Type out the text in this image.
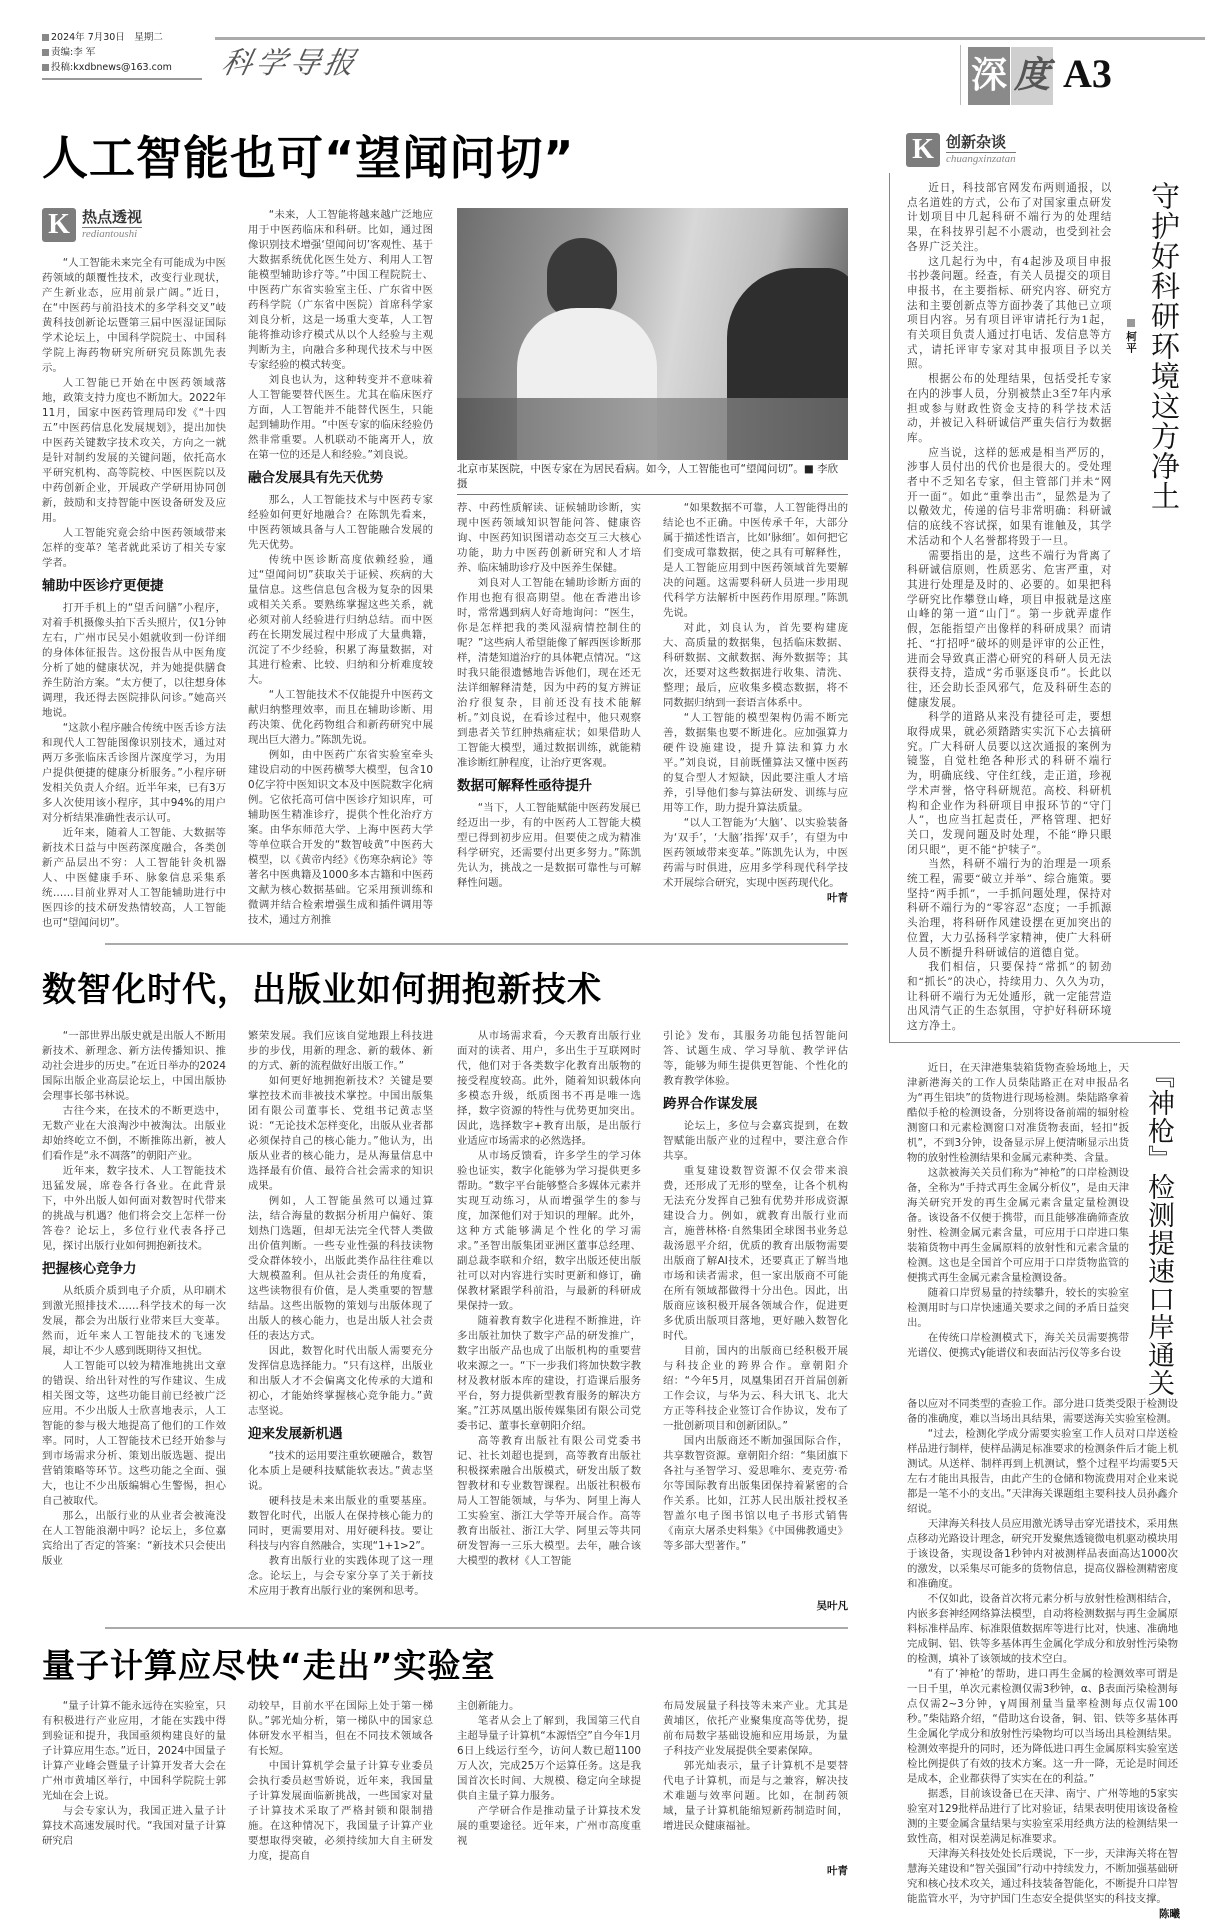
2024年 7月30日　星期二
责编:李 军
投稿:kxdbnews@163.com	科学导报	深 度 A3
人工智能也可“望闻问切”
K 热点透视
rediantoushi

“人工智能未来完全有可能成为中医药领域的颠覆性技术，改变行业现状，产生新业态，应用前景广阔。”近日，在“中医药与前沿技术的多学科交叉”岐黄科技创新论坛暨第三届中医湿证国际学术论坛上，中国科学院院士、中国科学院上海药物研究所研究员陈凯先表示。

人工智能已开始在中医药领域落地，政策支持力度也不断加大。2022年11月，国家中医药管理局印发《“十四五”中医药信息化发展规划》，提出加快中医药关键数字技术攻关，方向之一就是针对制约发展的关键问题，依托高水平研究机构、高等院校、中医医院以及中药创新企业，开展政产学研用协同创新，鼓励和支持智能中医设备研发及应用。

人工智能究竟会给中医药领域带来怎样的变革？笔者就此采访了相关专家学者。

辅助中医诊疗更便捷

打开手机上的“望舌问膳”小程序，对着手机摄像头拍下舌头照片，仅1分钟左右，广州市民吴小姐就收到一份详细的身体体征报告。这份报告从中医角度分析了她的健康状况，并为她提供膳食养生防治方案。“太方便了，以往想身体调理，我还得去医院排队问诊。”她高兴地说。

“这款小程序融合传统中医舌诊方法和现代人工智能图像识别技术，通过对两万多张临床舌诊图片深度学习，为用户提供便捷的健康分析服务。”小程序研发相关负责人介绍。近半年来，已有3万多人次使用该小程序，其中94%的用户对分析结果准确性表示认可。

近年来，随着人工智能、大数据等新技术日益与中医药深度融合，各类创新产品层出不穷：人工智能针灸机器人、中医健康手环、脉象信息采集系统……目前业界对人工智能辅助进行中医四诊的技术研发热情较高，人工智能也可“望闻问切”。

“未来，人工智能将越来越广泛地应用于中医药临床和科研。比如，通过图像识别技术增强‘望闻问切’客观性、基于大数据系统优化医生处方、利用人工智能模型辅助诊疗等。”中国工程院院士、中医药广东省实验室主任、广东省中医药科学院（广东省中医院）首席科学家刘良分析，这是一场重大变革，人工智能将推动诊疗模式从以个人经验与主观判断为主，向融合多种现代技术与中医专家经验的模式转变。

刘良也认为，这种转变并不意味着人工智能要替代医生。尤其在临床医疗方面，人工智能并不能替代医生，只能起到辅助作用。“中医专家的临床经验仍然非常重要。人机联动不能离开人，放在第一位的还是人和经验。”刘良说。

融合发展具有先天优势

那么，人工智能技术与中医药专家经验如何更好地融合？在陈凯先看来，中医药领域具备与人工智能融合发展的先天优势。

传统中医诊断高度依赖经验，通过“望闻问切”获取关于证候、疾病的大量信息。这些信息包含极为复杂的因果或相关关系。要熟练掌握这些关系，就必须对前人经验进行归纳总结。而中医药在长期发展过程中形成了大量典籍，沉淀了不少经验，积累了海量数据，对其进行检索、比较、归纳和分析难度较大。

“人工智能技术不仅能提升中医药文献归纳整理效率，而且在辅助诊断、用药决策、优化药物组合和新药研究中展现出巨大潜力。”陈凯先说。

例如，由中医药广东省实验室牵头建设启动的中医药横琴大模型，包含100亿字符中医知识文本及中医院数字化病例。它依托高可信中医诊疗知识库，可辅助医生精准诊疗，提供个性化治疗方案。由华东师范大学、上海中医药大学等单位联合开发的“数智岐黄”中医药大模型，以《黄帝内经》《伤寒杂病论》等著名中医典籍及1000多本古籍和中医药文献为核心数据基础。它采用预训练和微调并结合检索增强生成和插件调用等技术，通过方剂推

北京市某医院，中医专家在为居民看病。如今，人工智能也可“望闻问切”。■ 李欣摄

荐、中药性质解读、证候辅助诊断，实现中医药领域知识智能问答、健康咨询、中医药知识图谱动态交互三大核心功能，助力中医药创新研究和人才培养、临床辅助诊疗及中医养生保健。

刘良对人工智能在辅助诊断方面的作用也抱有很高期望。他在香港出诊时，常常遇到病人好奇地询问：“医生，你是怎样把我的类风湿病情控制住的呢？”这些病人希望能像了解西医诊断那样，清楚知道治疗的具体靶点情况。“这时我只能很遗憾地告诉他们，现在还无法详细解释清楚，因为中药的复方辨证治疗很复杂，目前还没有技术能解析。”刘良说，在看诊过程中，他只观察到患者关节红肿热痛症状；如果借助人工智能大模型，通过数据训练，就能精准诊断红肿程度，让治疗更客观。

数据可解释性亟待提升

“当下，人工智能赋能中医药发展已经迈出一步，有的中医药人工智能大模型已得到初步应用。但要使之成为精准科学研究，还需要付出更多努力。”陈凯先认为，挑战之一是数据可靠性与可解释性问题。

“如果数据不可靠，人工智能得出的结论也不正确。中医传承千年，大部分属于描述性语言，比如‘脉细’。如何把它们变成可靠数据，使之具有可解释性，是人工智能应用到中医药领域首先要解决的问题。这需要科研人员进一步用现代科学方法解析中医药作用原理。”陈凯先说。

对此，刘良认为，首先要构建庞大、高质量的数据集，包括临床数据、科研数据、文献数据、海外数据等；其次，还要对这些数据进行收集、清洗、整理；最后，应收集多模态数据，将不同数据归纳到一套语言体系中。

“人工智能的模型架构仍需不断完善，数据集也要不断进化。应加强算力硬件设施建设，提升算法和算力水平。”刘良说，目前既懂算法又懂中医药的复合型人才短缺，因此要注重人才培养，引导他们参与算法研发、训练与应用等工作，助力提升算法质量。

“以人工智能为‘大脑’、以实验装备为‘双手’，‘大脑’指挥‘双手’，有望为中医药领域带来变革。”陈凯先认为，中医药需与时俱进，应用多学科现代科学技术开展综合研究，实现中医药现代化。

叶青
数智化时代，出版业如何拥抱新技术

“一部世界出版史就是出版人不断用新技术、新理念、新方法传播知识、推动社会进步的历史。”在近日举办的2024国际出版企业高层论坛上，中国出版协会理事长邬书林说。

古往今来，在技术的不断更迭中，无数产业在大浪淘沙中被淘汰。出版业却始终屹立不倒，不断推陈出新，被人们看作是“永不凋落”的朝阳产业。

近年来，数字技术、人工智能技术迅猛发展，席卷各行各业。在此背景下，中外出版人如何面对数智时代带来的挑战与机遇？他们将会交上怎样一份答卷？论坛上，多位行业代表各抒己见，探讨出版行业如何拥抱新技术。

把握核心竞争力

从纸质介质到电子介质，从印刷术到激光照排技术……科学技术的每一次发展，都会为出版行业带来巨大变革。然而，近年来人工智能技术的飞速发展，却让不少人感到既期待又担忧。

人工智能可以较为精准地挑出文章的错误、给出针对性的写作建议、生成相关图文等，这些功能目前已经被广泛应用。不少出版人士欣喜地表示，人工智能的参与极大地提高了他们的工作效率。同时，人工智能技术已经开始参与到市场需求分析、策划出版选题、提出营销策略等环节。这些功能之全面、强大，也让不少出版编辑心生警惕，担心自己被取代。

那么，出版行业的从业者会被淹没在人工智能浪潮中吗？论坛上，多位嘉宾给出了否定的答案：“新技术只会使出版业

繁荣发展。我们应该自觉地跟上科技进步的步伐，用新的理念、新的载体、新的方式、新的流程做好出版工作。”

如何更好地拥抱新技术？关键是要掌控技术而非被技术掌控。中国出版集团有限公司董事长、党组书记黄志坚说：“无论技术怎样变化，出版从业者都必须保持自己的核心能力。”他认为，出版从业者的核心能力，是从海量信息中选择最有价值、最符合社会需求的知识成果。

例如，人工智能虽然可以通过算法，结合海量的数据分析用户偏好、策划热门选题，但却无法完全代替人类做出价值判断。一些专业性强的科技读物受众群体较小，出版此类作品往往难以大规模盈利。但从社会责任的角度看，这些读物很有价值，是人类重要的智慧结晶。这些出版物的策划与出版体现了出版人的核心能力，也是出版人社会责任的表达方式。

因此，数智化时代出版人需要充分发挥信息选择能力。“只有这样，出版业和出版人才不会偏离文化传承的大道和初心，才能始终掌握核心竞争能力。”黄志坚说。

迎来发展新机遇

“技术的运用要注重软硬融合，数智化本质上是硬科技赋能软表达。”黄志坚说。

硬科技是未来出版业的重要基座。数智化时代，出版人在保持核心能力的同时，更需要用对、用好硬科技。要让科技与内容自然融合，实现“1+1>2”。

教育出版行业的实践体现了这一理念。论坛上，与会专家分享了关于新技术应用于教育出版行业的案例和思考。

从市场需求看，今天教育出版行业面对的读者、用户，多出生于互联网时代，他们对于各类数字化教育出版物的接受程度较高。此外，随着知识载体向多模态升级，纸质图书不再是唯一选择，数字资源的特性与优势更加突出。因此，选择数字+教育出版，是出版行业适应市场需求的必然选择。

从市场反馈看，许多学生的学习体验也证实，数字化能够为学习提供更多帮助。“数字平台能够整合多媒体元素并实现互动练习，从而增强学生的参与度，加深他们对于知识的理解。此外，这种方式能够满足个性化的学习需求。”圣智出版集团亚洲区董事总经理、副总裁李联和介绍，数字出版还使出版社可以对内容进行实时更新和修订，确保教材紧跟学科前沿，与最新的科研成果保持一致。

随着教育数字化进程不断推进，许多出版社加快了数字产品的研发推广，数字出版产品也成了出版机构的重要营收来源之一。“下一步我们将加快数字教材及教材版本库的建设，打造课后服务平台，努力提供新型教育服务的解决方案。”江苏凤凰出版传媒集团有限公司党委书记、董事长章朝阳介绍。

高等教育出版社有限公司党委书记、社长刘超也提到，高等教育出版社积极探索融合出版模式，研发出版了数智教材和专业数智课程。出版社积极布局人工智能领域，与华为、阿里上海人工实验室、浙江大学等开展合作。高等教育出版社、浙江大学、阿里云等共同研发智海一三乐大模型。去年，融合该大模型的教材《人工智能

引论》发布，其服务功能包括智能问答、试题生成、学习导航、教学评估等，能够为师生提供更智能、个性化的教育教学体验。

跨界合作谋发展

论坛上，多位与会嘉宾提到，在数智赋能出版产业的过程中，要注意合作共享。

重复建设数智资源不仅会带来浪费，还形成了无形的壁垒，让各个机构无法充分发挥自己独有优势并形成资源建设合力。例如，就教育出版行业而言，施普林格·自然集团全球图书业务总裁汤恩平介绍，优质的教育出版物需要出版商了解AI技术，还要真正了解当地市场和读者需求，但一家出版商不可能在所有领域都做得十分出色。因此，出版商应该积极开展各领域合作，促进更多优质出版项目落地，更好融入数智化时代。

目前，国内的出版商已经积极开展与科技企业的跨界合作。章朝阳介绍：“今年5月，凤凰集团召开首届创新工作会议，与华为云、科大讯飞、北大方正等科技企业签订合作协议，发布了一批创新项目和创新团队。”

国内出版商还不断加强国际合作，共享数智资源。章朝阳介绍：“集团旗下各社与圣智学习、爱思唯尔、麦克劳·希尔等国际教育出版集团保持着紧密的合作关系。比如，江苏人民出版社授权圣智盖尔电子图书馆以电子书形式销售《南京大屠杀史料集》《中国佛教通史》等多部大型著作。”

吴叶凡
量子计算应尽快“走出”实验室

“量子计算不能永远待在实验室，只有积极进行产业应用，才能在实践中得到验证和提升，我国亟须构建良好的量子计算应用生态。”近日，2024中国量子计算产业峰会暨量子计算开发者大会在广州市黄埔区举行，中国科学院院士郭光灿在会上说。

与会专家认为，我国正进入量子计算技术高速发展时代。“我国对量子计算研究启

动较早，目前水平在国际上处于第一梯队。”郭光灿分析，第一梯队中的国家总体研发水平相当，但在不同技术领域各有长短。

中国计算机学会量子计算专业委员会执行委员赵雪娇说，近年来，我国量子计算发展面临新挑战，一些国家对量子计算技术采取了严格封锁和限制措施。在这种情况下，我国量子计算产业要想取得突破，必须持续加大自主研发力度，提高自

主创新能力。

笔者从会上了解到，我国第三代自主超导量子计算机“本源悟空”自今年1月6日上线运行至今，访问人数已超1100万人次，完成25万个运算任务。这是我国首次长时间、大规模、稳定向全球提供自主量子算力服务。

产学研合作是推动量子计算技术发展的重要途径。近年来，广州市高度重视

布局发展量子科技等未来产业。尤其是黄埔区，依托产业聚集度高等优势，提前布局数字基础设施和应用场景，为量子科技产业发展提供全要素保障。

郭光灿表示，量子计算机不是要替代电子计算机，而是与之兼容，解决技术难题与效率问题。比如，在制药领域，量子计算机能缩短新药制造时间，增进民众健康福祉。

叶青
K 创新杂谈
chuangxinzatan

近日，科技部官网发布两则通报，以点名道姓的方式，公布了对国家重点研发计划项目中几起科研不端行为的处理结果，在科技界引起不小震动，也受到社会各界广泛关注。

这几起行为中，有4起涉及项目申报书抄袭问题。经查，有关人员提交的项目申报书，在主要指标、研究内容、研究方法和主要创新点等方面抄袭了其他已立项项目内容。另有项目评审请托行为1起，有关项目负责人通过打电话、发信息等方式，请托评审专家对其申报项目予以关照。

根据公布的处理结果，包括受托专家在内的涉事人员，分别被禁止3至7年内承担或参与财政性资金支持的科学技术活动，并被记入科研诚信严重失信行为数据库。

应当说，这样的惩戒是相当严厉的，涉事人员付出的代价也是很大的。受处理者中不乏知名专家，但主管部门并未“网开一面”。如此“重拳出击”，显然是为了以儆效尤，传递的信号非常明确：科研诚信的底线不容试探，如果有谁触及，其学术活动和个人名誉都将毁于一旦。

需要指出的是，这些不端行为背离了科研诚信原则，性质恶劣、危害严重，对其进行处理是及时的、必要的。如果把科学研究比作攀登山峰，项目申报就是这座山峰的第一道“山门”。第一步就弄虚作假，怎能指望产出像样的科研成果？而请托、“打招呼”破坏的则是评审的公正性，进而会导致真正潜心研究的科研人员无法获得支持，造成“劣币驱逐良币”。长此以往，还会助长歪风邪气，危及科研生态的健康发展。

科学的道路从来没有捷径可走，要想取得成果，就必须踏踏实实沉下心去搞研究。广大科研人员要以这次通报的案例为镜鉴，自觉杜绝各种形式的科研不端行为，明确底线、守住红线，走正道，珍视学术声誉，恪守科研规范。高校、科研机构和企业作为科研项目申报环节的“守门人”，也应当扛起责任，严格管理、把好关口，发现问题及时处理，不能“睁只眼闭只眼”，更不能“护犊子”。

当然，科研不端行为的治理是一项系统工程，需要“破立并举”、综合施策。要坚持“两手抓”，一手抓问题处理，保持对科研不端行为的“零容忍”态度；一手抓源头治理，将科研作风建设摆在更加突出的位置，大力弘扬科学家精神，使广大科研人员不断提升科研诚信的道德自觉。

我们相信，只要保持“常抓”的韧劲和“抓长”的决心，持续用力、久久为功，让科研不端行为无处遁形，就一定能营造出风清气正的生态氛围，守护好科研环境这方净土。

柯平 守护好科研环境这方净土

近日，在天津港集装箱货物查验场地上，天津新港海关的工作人员柴陆路正在对申报品名为“再生铝块”的货物进行现场检测。柴陆路拿着酷似手枪的检测设备，分别将设备前端的辐射检测窗口和元素检测窗口对准货物表面，轻扣“扳机”，不到3分钟，设备显示屏上便清晰显示出货物的放射性检测结果和金属元素种类、含量。

这款被海关关员们称为“神枪”的口岸检测设备，全称为“手持式再生金属分析仪”，是由天津海关研究开发的再生金属元素含量定量检测设备。该设备不仅便于携带，而且能够准确筛查放射性、检测金属元素含量，可应用于口岸进口集装箱货物中再生金属原料的放射性和元素含量的检测。这也是全国首个可应用于口岸货物监管的便携式再生金属元素含量检测设备。

随着口岸贸易量的持续攀升，较长的实验室检测用时与口岸快速通关要求之间的矛盾日益突出。

在传统口岸检测模式下，海关关员需要携带光谱仪、便携式γ能谱仪和表面沾污仪等多台设 『神枪』检测提速口岸通关

备以应对不同类型的查验工作。部分进口货类受限于检测设备的准确度，难以当场出具结果，需要送海关实验室检测。

“过去，检测化学成分需要实验室工作人员对口岸送检样品进行制样，使样品满足标准要求的检测条件后才能上机测试。从送样、制样再到上机测试，整个过程平均需要5天左右才能出具报告，由此产生的仓储和物流费用对企业来说都是一笔不小的支出。”天津海关课题组主要科技人员孙鑫介绍说。

天津海关科技人员应用激光诱导击穿光谱技术，采用焦点移动光路设计理念，研究开发聚焦透镜微电机驱动模块用于该设备，实现设备1秒钟内对被测样品表面高达1000次的激发，以采集尽可能多的货物信息，提高仪器检测精密度和准确度。

不仅如此，设备首次将元素分析与放射性检测相结合，内嵌多套神经网络算法模型，自动将检测数据与再生金属原料标准样品库、标准限值数据库等进行比对，快速、准确地完成铜、铝、铁等多基体再生金属化学成分和放射性污染物的检测，填补了该领域的技术空白。

“有了‘神枪’的帮助，进口再生金属的检测效率可谓是一日千里，单次元素检测仅需3秒钟，α、β表面污染检测每点仅需2~3分钟，γ周围剂量当量率检测每点仅需100秒。”柴陆路介绍，“借助这台设备，铜、铝、铁等多基体再生金属化学成分和放射性污染物均可以当场出具检测结果。检测效率提升的同时，还为降低进口再生金属原料实验室送检比例提供了有效的技术方案。这一升一降，无论是时间还是成本，企业都获得了实实在在的利益。”

据悉，目前该设备已在天津、南宁、广州等地的5家实验室对129批样品进行了比对验证，结果表明使用该设备检测的主要金属含量结果与实验室采用经典方法的检测结果一致性高，相对误差满足标准要求。

天津海关科技处处长后璞说，下一步，天津海关将在智慧海关建设和“智关强国”行动中持续发力，不断加强基础研究和核心技术攻关，通过科技装备智能化，不断提升口岸智能监管水平，为守护国门生态安全提供坚实的科技支撑。

陈曦
